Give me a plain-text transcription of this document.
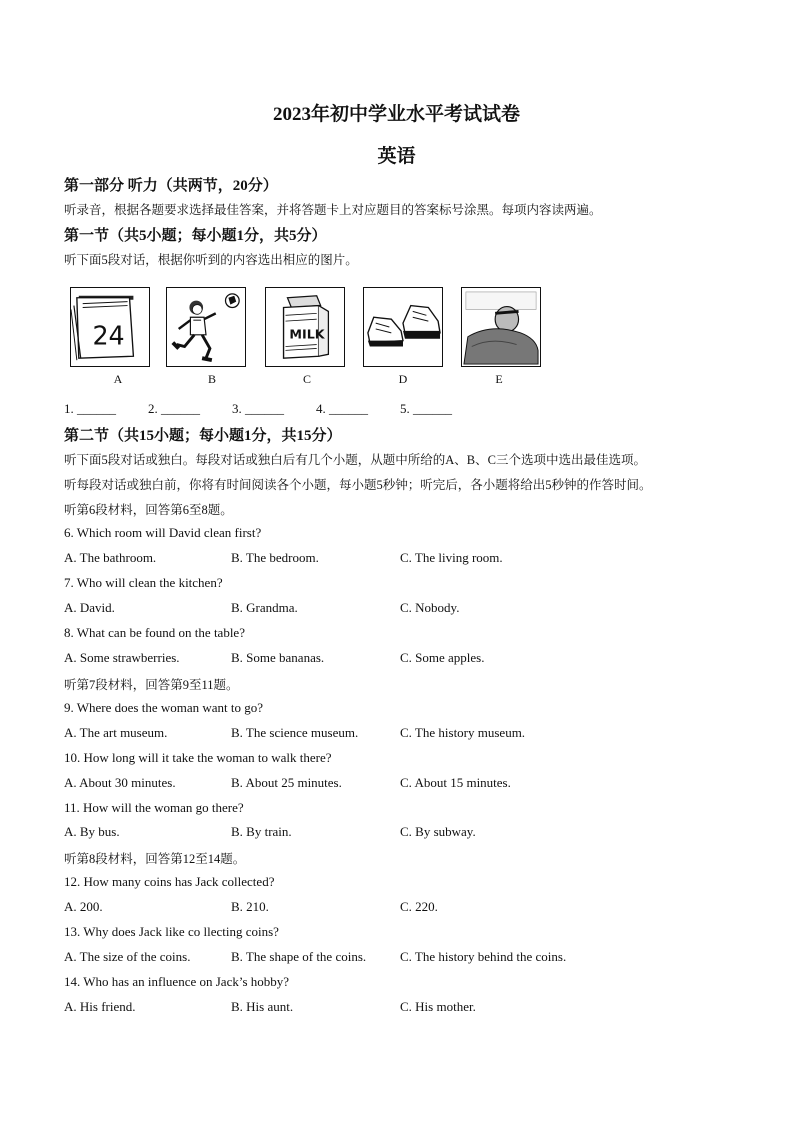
2023年初中学业水平考试试卷
英语
第一部分 听力（共两节，20分）
听录音，根据各题要求选择最佳答案，并将答题卡上对应题目的答案标号涂黑。每项内容读两遍。
第一节（共5小题；每小题1分，共5分）
听下面5段对话，根据你听到的内容选出相应的图片。
24	MILK
A	B	C	D	E
1. ______ 2. ______ 3. ______ 4. ______ 5. ______
第二节（共15小题；每小题1分，共15分）
听下面5段对话或独白。每段对话或独白后有几个小题，从题中所给的A、B、C三个选项中选出最佳选项。
听每段对话或独白前，你将有时间阅读各个小题，每小题5秒钟；听完后，各小题将给出5秒钟的作答时间。
听第6段材料，回答第6至8题。
6. Which room will David clean first?
A. The bathroom.	B. The bedroom.	C. The living room.
7. Who will clean the kitchen?
A. David.	B. Grandma.	C. Nobody.
8. What can be found on the table?
A. Some strawberries.	B. Some bananas.	C. Some apples.
听第7段材料，回答第9至11题。
9. Where does the woman want to go?
A. The art museum.	B. The science museum.	C. The history museum.
10. How long will it take the woman to walk there?
A. About 30 minutes.	B. About 25 minutes.	C. About 15 minutes.
11. How will the woman go there?
A. By bus.	B. By train.	C. By subway.
听第8段材料，回答第12至14题。
12. How many coins has Jack collected?
A. 200.	B. 210.	C. 220.
13. Why does Jack like co llecting coins?
A. The size of the coins.	B. The shape of the coins.	C. The history behind the coins.
14. Who has an influence on Jack’s hobby?
A. His friend.	B. His aunt.	C. His mother.
